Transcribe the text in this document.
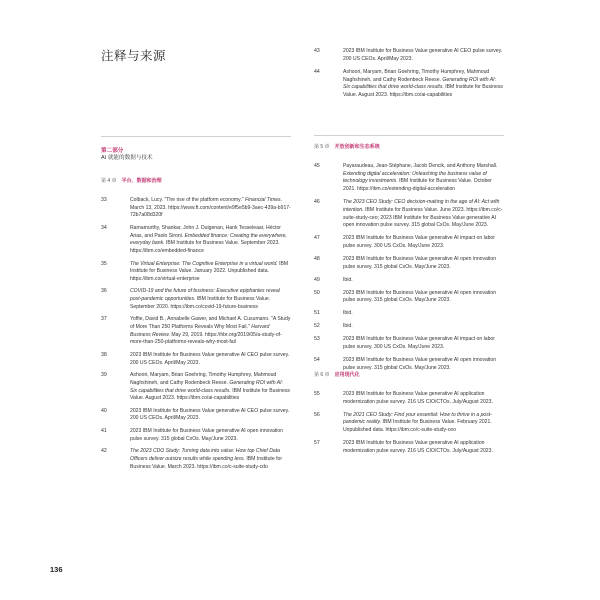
注释与来源
第二部分
AI 就能的数据与技术
第 4 章 平台、数据和治理
33	Colback, Lucy. "The rise of the platform economy." Financial Times. March 13, 2023. https://www.ft.com/content/e9f5e5b9-3aec-439a-b917-72b7a08d320f
34	Ramamurthy, Shankar, John J. Duigenan, Hank Tesseleaar, Héctor Arias, and Paolo Sironi. Embedded finance: Creating the everywhere, everyday bank. IBM Institute for Business Value. September 2023. https://ibm.co/embedded-finance
35	The Virtual Enterprise: The Cognitive Enterprise in a virtual world. IBM Institute for Business Value. January 2022. Unpublished data. https://ibm.co/virtual-enterprise
36	COVID-19 and the future of business: Executive epiphanies reveal post-pandemic opportunities. IBM Institute for Business Value. September 2020. https://ibm.co/covid-19-future-business
37	Yoffie, David B., Annabelle Gawer, and Michael A. Cusumano. "A Study of More Than 250 Platforms Reveals Why Most Fail." Harvard Business Review. May 29, 2019. https://hbr.org/2019/05/a-study-of-more-than-250-platforms-reveals-why-most-fail
38	2023 IBM Institute for Business Value generative AI CEO pulse survey. 200 US CEOs. April/May 2023.
39	Ashoori, Maryam, Brian Goehring, Timothy Humphrey, Mahmoud Naghshineh, and Cathy Rodenbeck Reese. Generating ROI with AI: Six capabilities that drive world-class results. IBM Institute for Business Value. August 2023. https://ibm.co/ai-capabilities
40	2023 IBM Institute for Business Value generative AI CEO pulse survey. 200 US CEOs. April/May 2023.
41	2023 IBM Institute for Business Value generative AI open innovation pulse survey. 315 global CxOs. May/June 2023.
42	The 2023 CDO Study: Turning data into value: How top Chief Data Officers deliver outsize results while spending less. IBM Institute for Business Value. March 2023. https://ibm.co/c-suite-study-cdo
43	2023 IBM Institute for Business Value generative AI CEO pulse survey. 200 US CEOs. April/May 2023.
44	Ashoori, Maryam, Brian Goehring, Timothy Humphrey, Mahmoud Naghshineh, and Cathy Rodenbeck Reese. Generating ROI with AI: Six capabilities that drive world-class results. IBM Institute for Business Value. August 2023. https://ibm.co/ai-capabilities
第 5 章 开放创新和生态系统
45	Payaraudeau, Jean-Stéphane, Jacob Dencik, and Anthony Marshall. Extending digital acceleration: Unleashing the business value of technology investments. IBM Institute for Business Value. October 2021. https://ibm.co/extending-digital-acceleration
46	The 2023 CEO Study: CEO decision-making in the age of AI: Act with intention. IBM Institute for Business Value. June 2023. https://ibm.co/c-suite-study-ceo; 2023 IBM Institute for Business Value generative AI open innovation pulse survey. 315 global CxOs. May/June 2023.
47	2023 IBM Institute for Business Value generative AI impact on labor pulse survey. 300 US CxOs. May/June 2023.
48	2023 IBM Institute for Business Value generative AI open innovation pulse survey. 315 global CxOs. May/June 2023.
49	Ibid.
50	2023 IBM Institute for Business Value generative AI open innovation pulse survey. 315 global CxOs. May/June 2023.
51	Ibid.
52	Ibid.
53	2023 IBM Institute for Business Value generative AI impact on labor pulse survey. 300 US CxOs. May/June 2023.
54	2023 IBM Institute for Business Value generative AI open innovation pulse survey. 315 global CxOs. May/June 2023.
第 6 章 应用现代化
55	2023 IBM Institute for Business Value generative AI application modernization pulse survey. 216 US CIO/CTOs. July/August 2023.
56	The 2021 CEO Study: Find your essential: How to thrive in a post-pandemic reality. IBM Institute for Business Value. February 2021. Unpublished data. https://ibm.co/c-suite-study-ceo
57	2023 IBM Institute for Business Value generative AI application modernization pulse survey. 216 US CIO/CTOs. July/August 2023.
136
